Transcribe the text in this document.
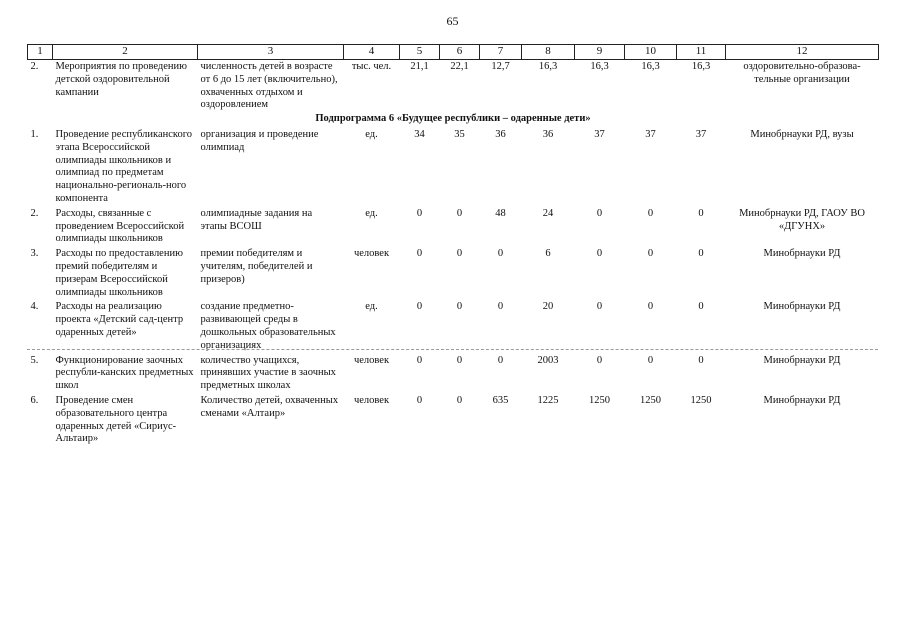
65
1	2	3	4	5	6	7	8	9	10	11	12
2.	Мероприятия по проведению детской оздоровительной кампании	численность детей в возрасте от 6 до 15 лет (включительно), охваченных отдыхом и оздоровлением	тыс. чел.	21,1	22,1	12,7	16,3	16,3	16,3	16,3	оздоровительно-образова-тельные организации
Подпрограмма 6 «Будущее республики – одаренные дети»											
1.	Проведение республиканского этапа Всероссийской олимпиады школьников и олимпиад по предметам национально-региональ-ного компонента	организация и проведение олимпиад	ед.	34	35	36	36	37	37	37	Минобрнауки РД, вузы
2.	Расходы, связанные с проведением Всероссийской олимпиады школьников	олимпиадные задания на этапы ВСОШ	ед.	0	0	48	24	0	0	0	Минобрнауки РД, ГАОУ ВО «ДГУНХ»
3.	Расходы по предоставлению премий победителям и призерам Всероссийской олимпиады школьников	премии победителям и учителям, победителей и призеров)	человек	0	0	0	6	0	0	0	Минобрнауки РД
4.	Расходы на реализацию проекта «Детский сад-центр одаренных детей»	создание предметно-развивающей среды в дошкольных образовательных организациях	ед.	0	0	0	20	0	0	0	Минобрнауки РД
5.	Функционирование заочных республи-канских предметных школ	количество учащихся, принявших участие в заочных предметных школах	человек	0	0	0	2003	0	0	0	Минобрнауки РД
6.	Проведение смен образовательного центра одаренных детей «Сириус-Альтаир»	Количество детей, охваченных сменами «Алтаир»	человек	0	0	635	1225	1250	1250	1250	Минобрнауки РД
